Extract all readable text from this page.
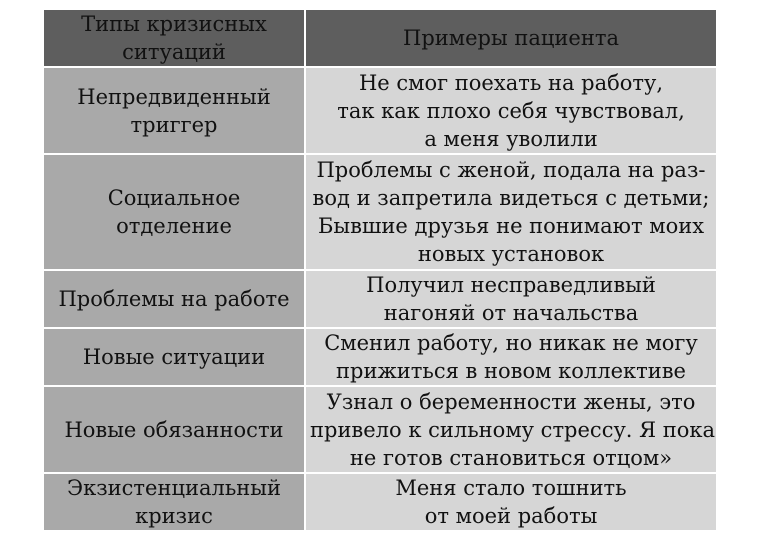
Типы кризисных
ситуаций	Примеры пациента

Непредвиденный
триггер	Не смог поехать на работу,
так как плохо себя чувствовал,
а меня уволили

Социальное
отделение	Проблемы с женой, подала на раз-
вод и запретила видеться с детьми;
Бывшие друзья не понимают моих
новых установок

Проблемы на работе	Получил несправедливый
нагоняй от начальства

Новые ситуации	Сменил работу, но никак не могу
прижиться в новом коллективе

Новые обязанности	Узнал о беременности жены, это
привело к сильному стрессу. Я пока
не готов становиться отцом»

Экзистенциальный
кризис	Меня стало тошнить
от моей работы
